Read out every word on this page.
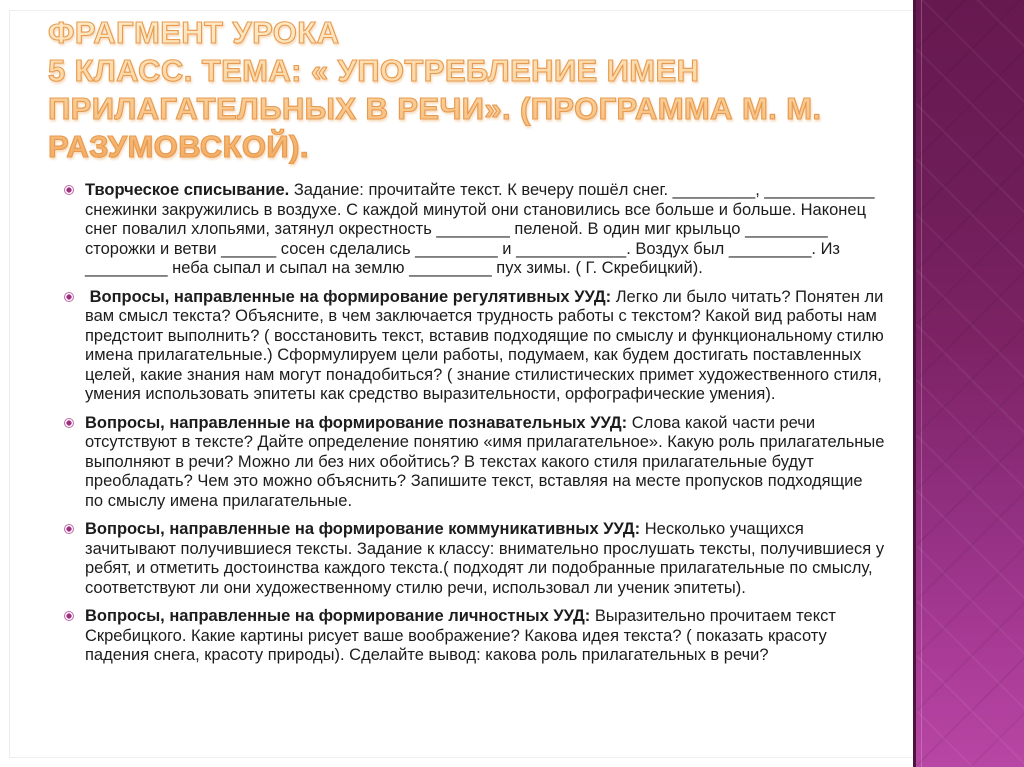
ФРАГМЕНТ УРОКА
5 КЛАСС. ТЕМА: « УПОТРЕБЛЕНИЕ ИМЕН ПРИЛАГАТЕЛЬНЫХ В РЕЧИ». (ПРОГРАММА М. М. РАЗУМОВСКОЙ).
Творческое списывание. Задание: прочитайте текст. К вечеру пошёл снег. _________, ____________ снежинки закружились в воздухе. С каждой минутой они становились все больше и больше. Наконец снег повалил хлопьями, затянул окрестность ________ пеленой. В один миг крыльцо _________ сторожки и ветви ______ сосен сделались _________ и ____________. Воздух был _________. Из _________ неба сыпал и сыпал на землю _________ пух зимы. ( Г. Скребицкий).
Вопросы, направленные на формирование регулятивных УУД: Легко ли было читать? Понятен ли вам смысл текста? Объясните, в чем заключается трудность работы с текстом? Какой вид работы нам предстоит выполнить? ( восстановить текст, вставив подходящие по смыслу и функциональному стилю имена прилагательные.) Сформулируем цели работы, подумаем, как будем достигать поставленных целей, какие знания нам могут понадобиться? ( знание стилистических примет художественного стиля, умения использовать эпитеты как средство выразительности, орфографические умения).
Вопросы, направленные на формирование познавательных УУД: Слова какой части речи отсутствуют в тексте? Дайте определение понятию «имя прилагательное». Какую роль прилагательные выполняют в речи? Можно ли без них обойтись? В текстах какого стиля прилагательные будут преобладать? Чем это можно объяснить? Запишите текст, вставляя на месте пропусков подходящие по смыслу имена прилагательные.
Вопросы, направленные на формирование коммуникативных УУД: Несколько учащихся зачитывают получившиеся тексты. Задание к классу: внимательно прослушать тексты, получившиеся у ребят, и отметить достоинства каждого текста.( подходят ли подобранные прилагательные по смыслу, соответствуют ли они художественному стилю речи, использовал ли ученик эпитеты).
Вопросы, направленные на формирование личностных УУД: Выразительно прочитаем текст Скребицкого. Какие картины рисует ваше воображение? Какова идея текста? ( показать красоту падения снега, красоту природы). Сделайте вывод: какова роль прилагательных в речи?
